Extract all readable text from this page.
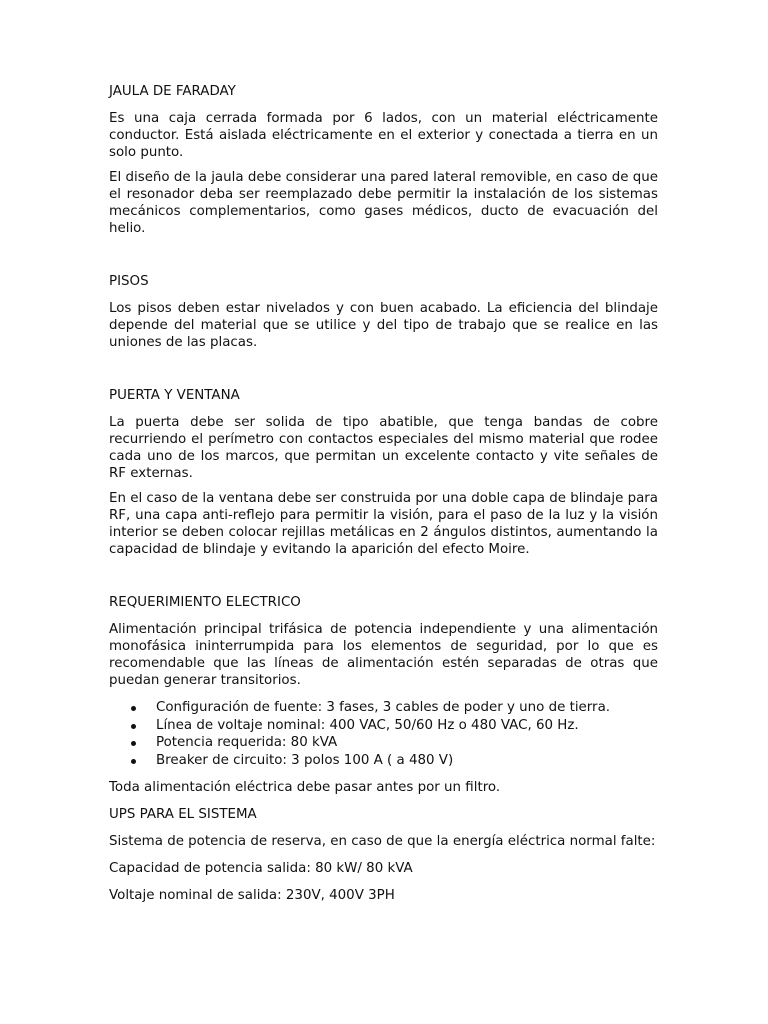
JAULA DE FARADAY

Es una caja cerrada formada por 6 lados, con un material eléctricamente conductor. Está aislada eléctricamente en el exterior y conectada a tierra en un solo punto.

El diseño de la jaula debe considerar una pared lateral removible, en caso de que el resonador deba ser reemplazado debe permitir la instalación de los sistemas mecánicos complementarios, como gases médicos, ducto de evacuación del helio.

PISOS

Los pisos deben estar nivelados y con buen acabado. La eficiencia del blindaje depende del material que se utilice y del tipo de trabajo que se realice en las uniones de las placas.

PUERTA Y VENTANA

La puerta debe ser solida de tipo abatible, que tenga bandas de cobre recurriendo el perímetro con contactos especiales del mismo material que rodee cada uno de los marcos, que permitan un excelente contacto y vite señales de RF externas.

En el caso de la ventana debe ser construida por una doble capa de blindaje para RF, una capa anti-reflejo para permitir la visión, para el paso de la luz y la visión interior se deben colocar rejillas metálicas en 2 ángulos distintos, aumentando la capacidad de blindaje y evitando la aparición del efecto Moire.

REQUERIMIENTO ELECTRICO

Alimentación principal trifásica de potencia independiente y una alimentación monofásica ininterrumpida para los elementos de seguridad, por lo que es recomendable que las líneas de alimentación estén separadas de otras que puedan generar transitorios.

Configuración de fuente: 3 fases, 3 cables de poder y uno de tierra.
Línea de voltaje nominal: 400 VAC, 50/60 Hz o 480 VAC, 60 Hz.
Potencia requerida: 80 kVA
Breaker de circuito: 3 polos 100 A ( a 480 V)

Toda alimentación eléctrica debe pasar antes por un filtro.

UPS PARA EL SISTEMA

Sistema de potencia de reserva, en caso de que la energía eléctrica normal falte:

Capacidad de potencia salida: 80 kW/ 80 kVA

Voltaje nominal de salida: 230V, 400V 3PH
